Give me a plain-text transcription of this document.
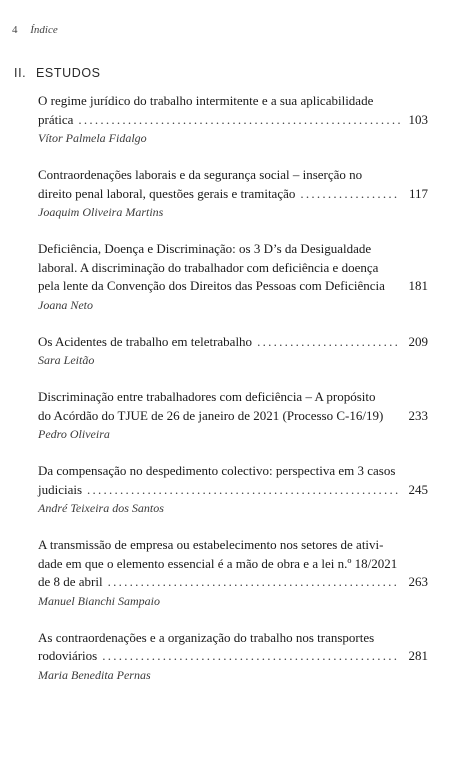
4 Índice
II. ESTUDOS
O regime jurídico do trabalho intermitente e a sua aplicabilidade
prática . . .	103
Vítor Palmela Fidalgo
Contraordenações laborais e da segurança social – inserção no
direito penal laboral, questões gerais e tramitação . . .	117
Joaquim Oliveira Martins
Deficiência, Doença e Discriminação: os 3 D’s da Desigualdade
laboral. A discriminação do trabalhador com deficiência e doença
pela lente da Convenção dos Direitos das Pessoas com Deficiência 181
Joana Neto
Os Acidentes de trabalho em teletrabalho . . .	209
Sara Leitão
Discriminação entre trabalhadores com deficiência – A propósito
do Acórdão do TJUE de 26 de janeiro de 2021 (Processo C-16/19) 233
Pedro Oliveira
Da compensação no despedimento colectivo: perspectiva em 3 casos
judiciais . . .	245
André Teixeira dos Santos
A transmissão de empresa ou estabelecimento nos setores de ativi-
dade em que o elemento essencial é a mão de obra e a lei n.º 18/2021
de 8 de abril . . .	263
Manuel Bianchi Sampaio
As contraordenações e a organização do trabalho nos transportes
rodoviários . . .	281
Maria Benedita Pernas
